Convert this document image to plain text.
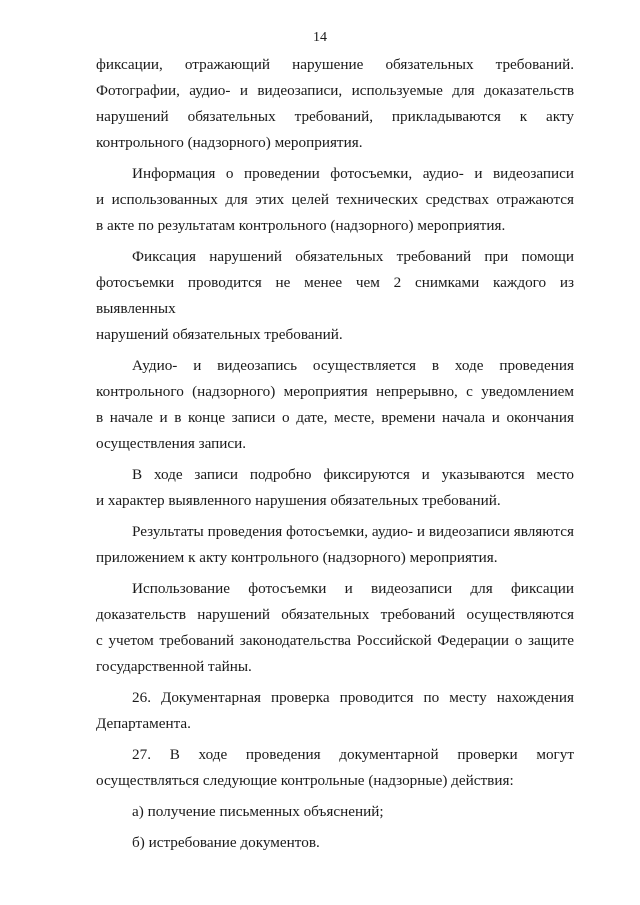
14
фиксации, отражающий нарушение обязательных требований.
Фотографии, аудио- и видеозаписи, используемые для доказательств
нарушений обязательных требований, прикладываются к акту
контрольного (надзорного) мероприятия.
Информация о проведении фотосъемки, аудио- и видеозаписи
и использованных для этих целей технических средствах отражаются
в акте по результатам контрольного (надзорного) мероприятия.
Фиксация нарушений обязательных требований при помощи
фотосъемки проводится не менее чем 2 снимками каждого из выявленных
нарушений обязательных требований.
Аудио- и видеозапись осуществляется в ходе проведения
контрольного (надзорного) мероприятия непрерывно, с уведомлением
в начале и в конце записи о дате, месте, времени начала и окончания
осуществления записи.
В ходе записи подробно фиксируются и указываются место
и характер выявленного нарушения обязательных требований.
Результаты проведения фотосъемки, аудио- и видеозаписи являются
приложением к акту контрольного (надзорного) мероприятия.
Использование фотосъемки и видеозаписи для фиксации
доказательств нарушений обязательных требований осуществляются
с учетом требований законодательства Российской Федерации о защите
государственной тайны.
26. Документарная проверка проводится по месту нахождения
Департамента.
27. В ходе проведения документарной проверки могут
осуществляться следующие контрольные (надзорные) действия:
а) получение письменных объяснений;
б) истребование документов.
